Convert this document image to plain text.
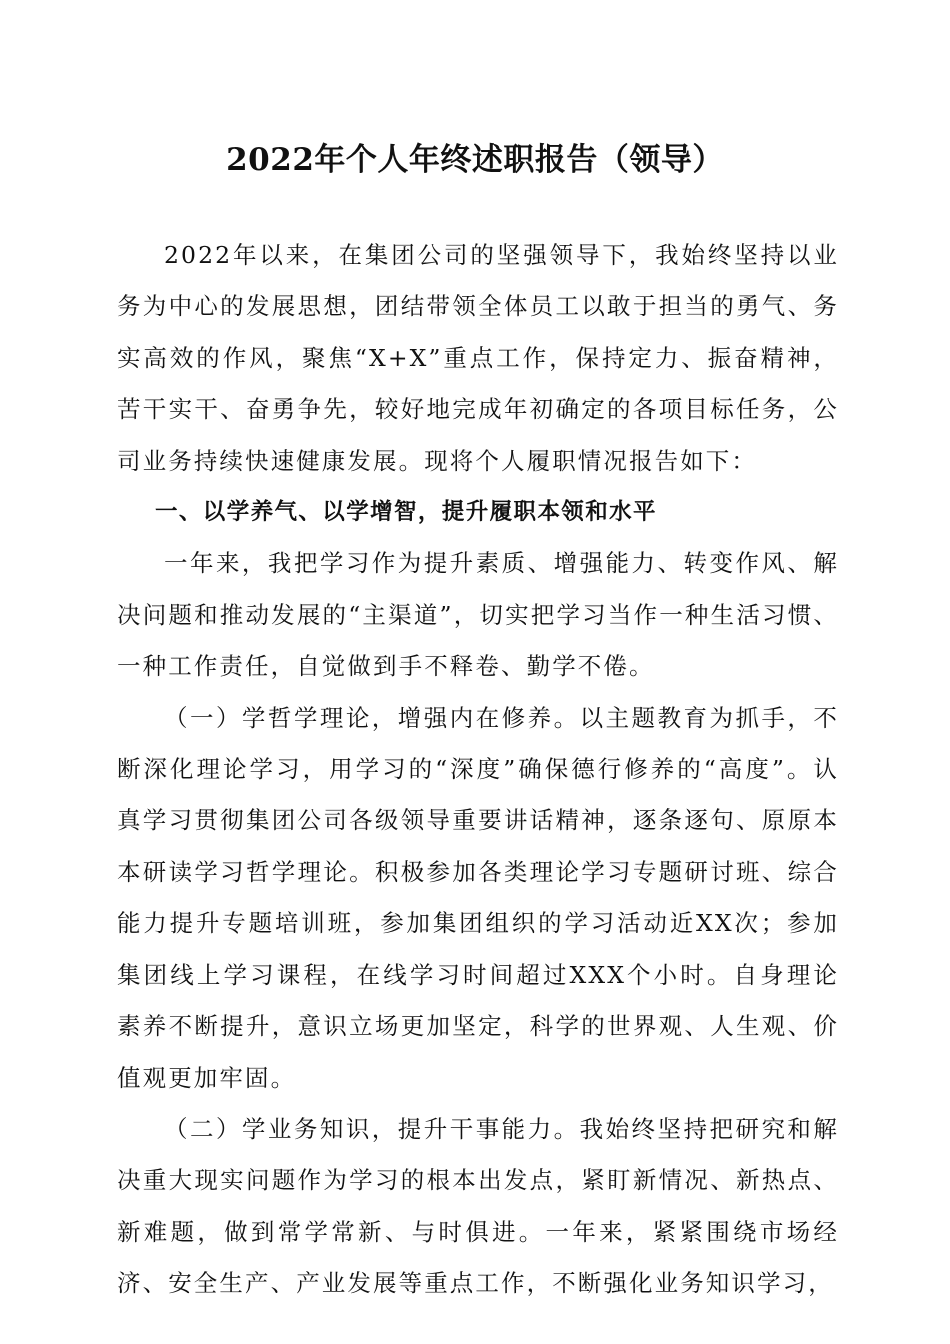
2022年个人年终述职报告（领导）

2022年以来，在集团公司的坚强领导下，我始终坚持以业务为中心的发展思想，团结带领全体员工以敢于担当的勇气、务实高效的作风，聚焦“X+X”重点工作，保持定力、振奋精神，苦干实干、奋勇争先，较好地完成年初确定的各项目标任务，公司业务持续快速健康发展。现将个人履职情况报告如下：

一、以学养气、以学增智，提升履职本领和水平

一年来，我把学习作为提升素质、增强能力、转变作风、解决问题和推动发展的“主渠道”，切实把学习当作一种生活习惯、一种工作责任，自觉做到手不释卷、勤学不倦。

（一）学哲学理论，增强内在修养。以主题教育为抓手，不断深化理论学习，用学习的“深度”确保德行修养的“高度”。认真学习贯彻集团公司各级领导重要讲话精神，逐条逐句、原原本本研读学习哲学理论。积极参加各类理论学习专题研讨班、综合能力提升专题培训班，参加集团组织的学习活动近XX次；参加集团线上学习课程，在线学习时间超过XXX个小时。自身理论素养不断提升，意识立场更加坚定，科学的世界观、人生观、价值观更加牢固。

（二）学业务知识，提升干事能力。我始终坚持把研究和解决重大现实问题作为学习的根本出发点，紧盯新情况、新热点、新难题，做到常学常新、与时俱进。一年来，紧紧围绕市场经济、安全生产、产业发展等重点工作，不断强化业务知识学习，
